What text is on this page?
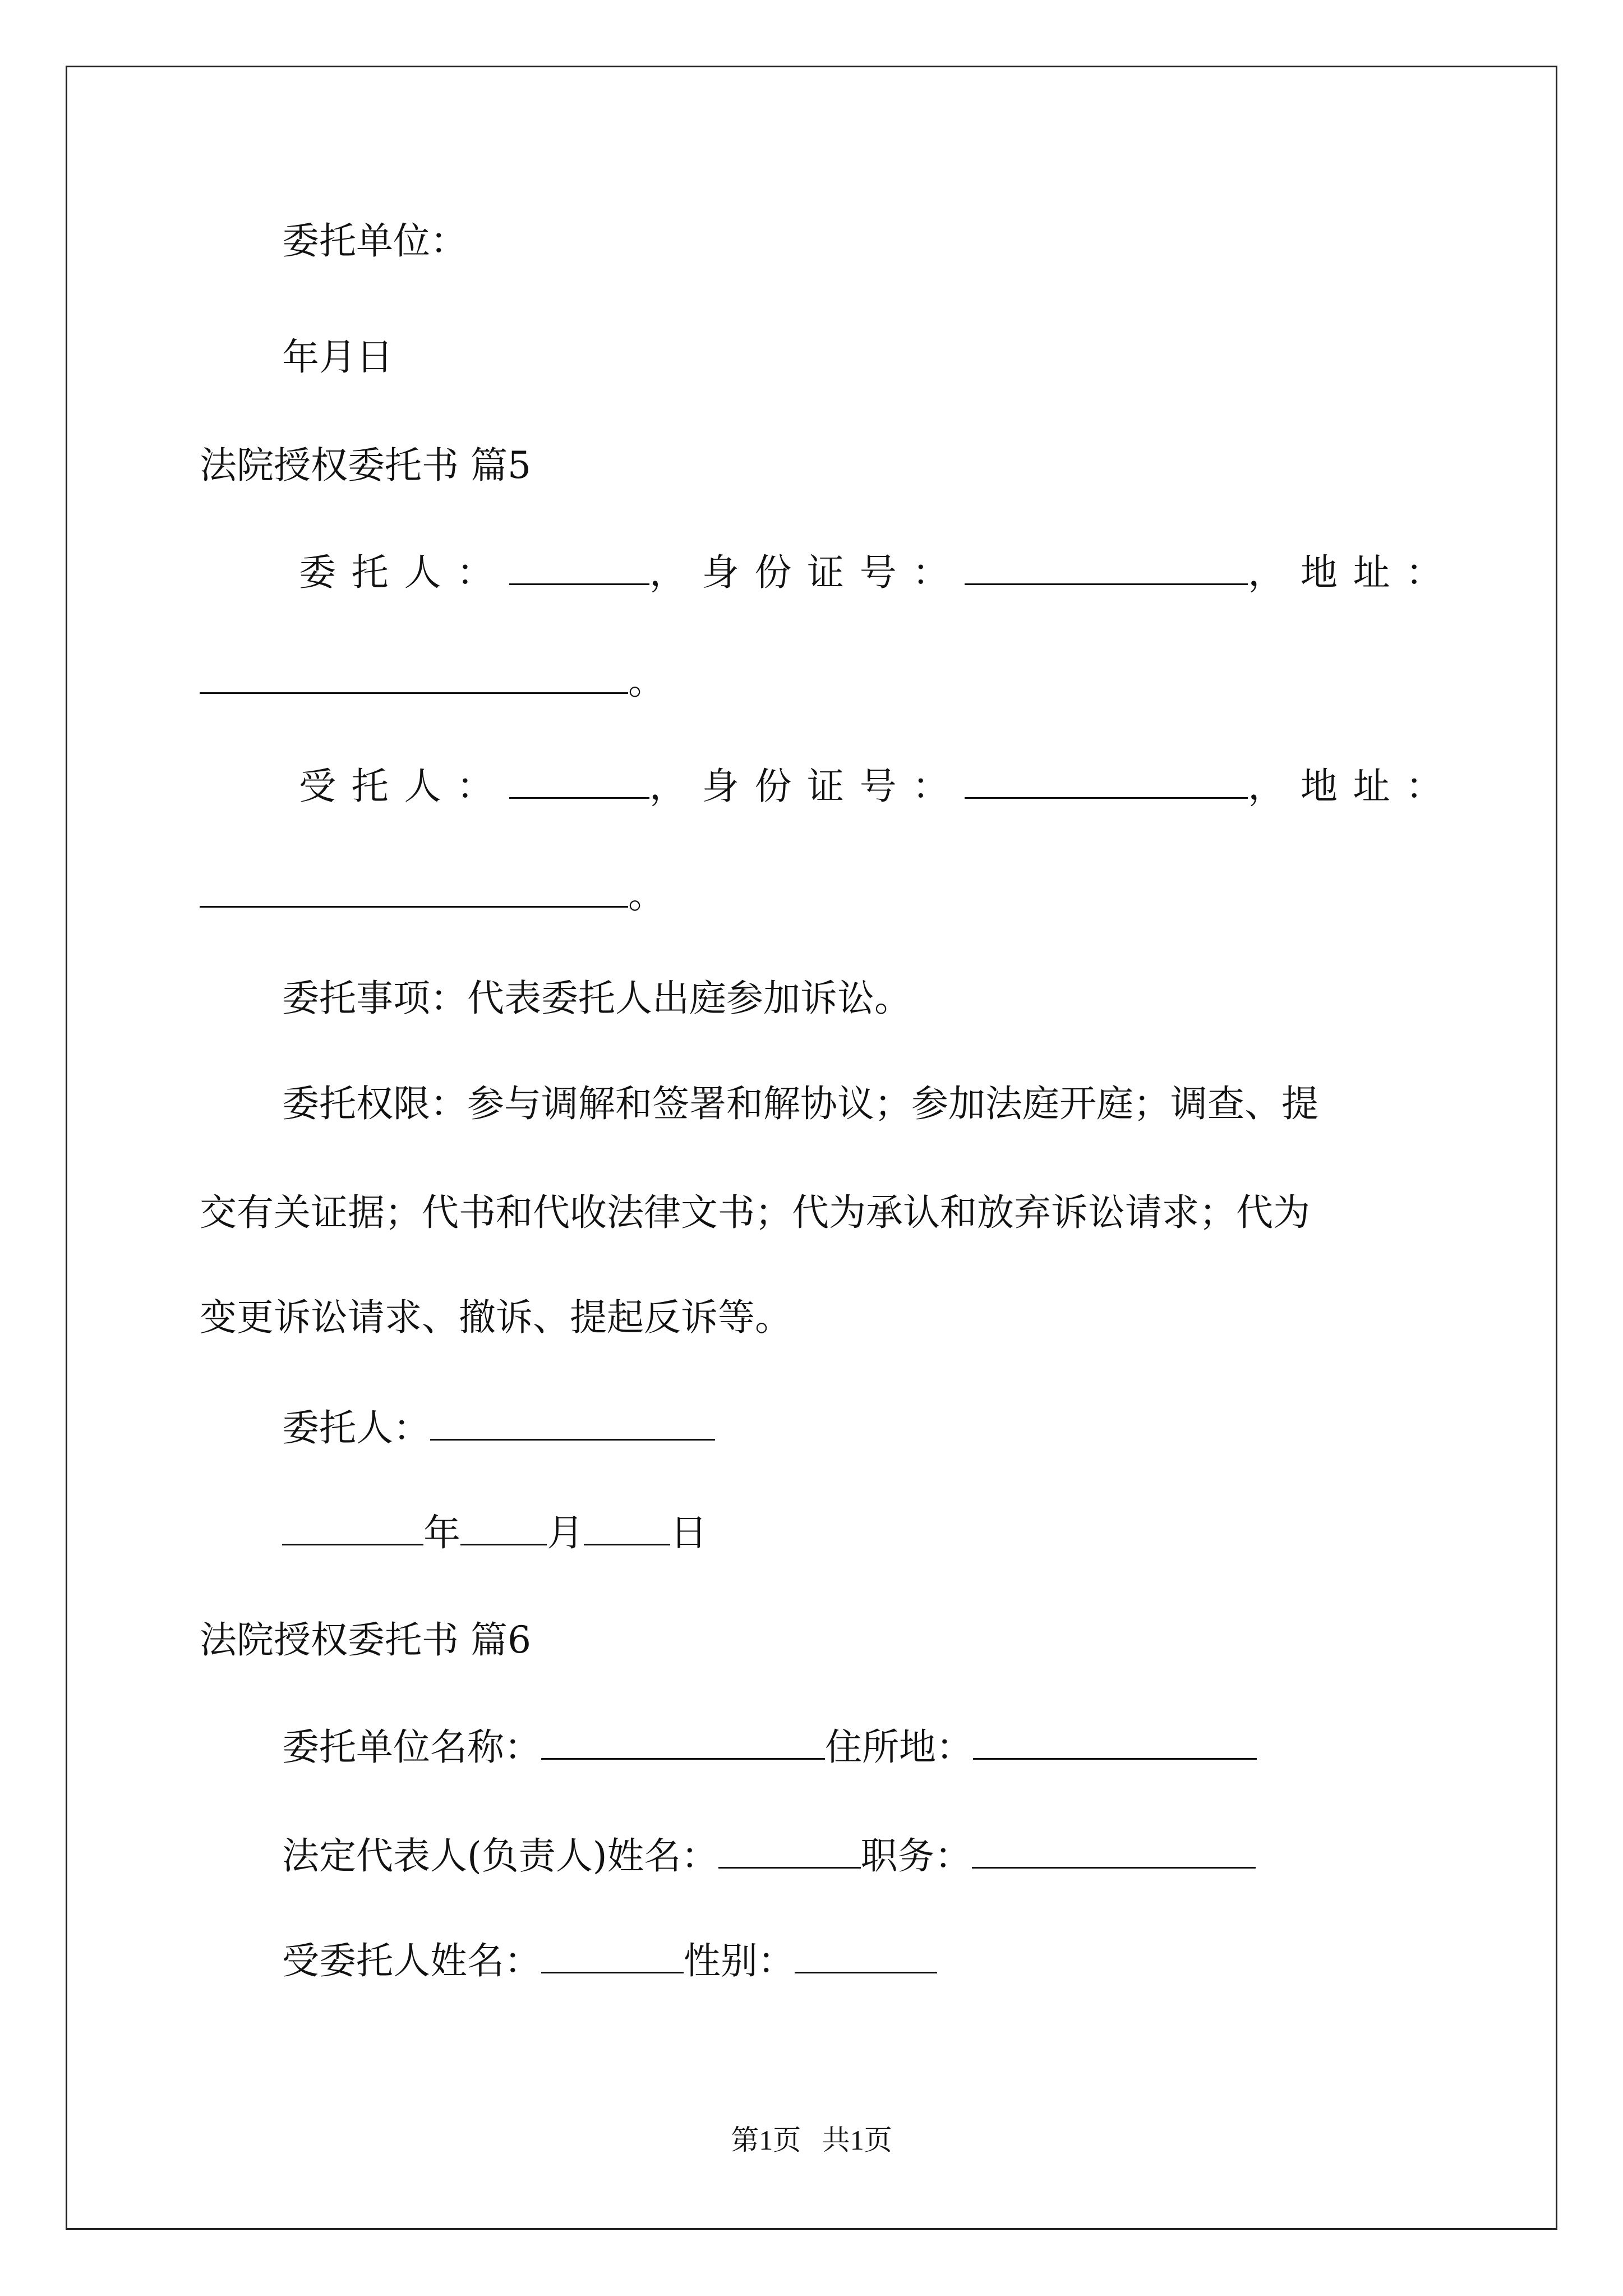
委托单位：
年月日
法院授权委托书 篇5
委托人：	，身份证号：	，地址：
。
受托人：	，身份证号：	，地址：
。
委托事项：代表委托人出庭参加诉讼。
委托权限：参与调解和签署和解协议；参加法庭开庭；调查、提
交有关证据；代书和代收法律文书；代为承认和放弃诉讼请求；代为
变更诉讼请求、撤诉、提起反诉等。
委托人：
年 月 日
法院授权委托书 篇6
委托单位名称：	住所地：
法定代表人(负责人)姓名：	职务：
受委托人姓名：	性别：
第1页 共1页
